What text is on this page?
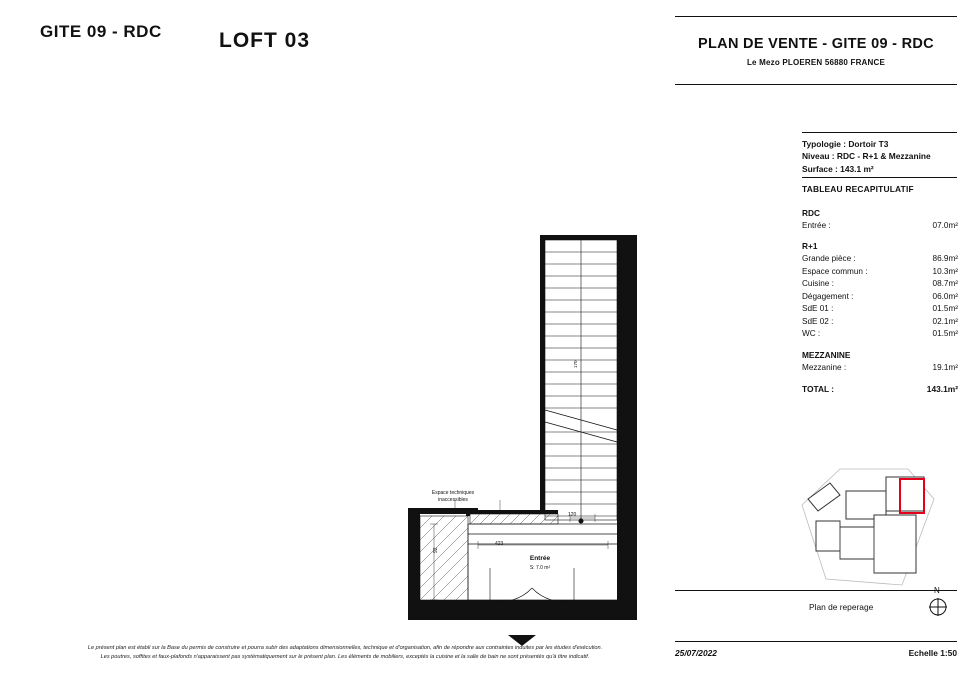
GITE 09 - RDC	LOFT 03
Espace techniques inaccessibles
Entrée
S: 7.0 m²
423
120
92
170
Le présent plan est établi sur la Base du permis de construire et pourra subir des adaptations dimensionnelles, technique et d'organisation, afin de répondre aux contraintes induites par les études d'exécution.
Les poutres, soffites et faux-plafonds n'apparaissent pas systématiquement sur le présent plan. Les éléments de mobiliers, exceptés la cuisine et la salle de bain ne sont présentés qu'à titre indicatif.
PLAN DE VENTE - GITE 09 - RDC
Le Mezo PLOEREN 56880 FRANCE
Typologie : Dortoir T3
Niveau : RDC - R+1 & Mezzanine
Surface : 143.1 m²
TABLEAU RECAPITULATIF
RDC
Entrée :	07.0m²
R+1
Grande pièce :	86.9m²
Espace commun :	10.3m²
Cuisine :	08.7m²
Dégagement :	06.0m²
SdE 01 :	01.5m²
SdE 02 :	02.1m²
WC :	01.5m²
MEZZANINE
Mezzanine :	19.1m²
TOTAL :	143.1m²
Plan de reperage
N
25/07/2022	Echelle 1:50
